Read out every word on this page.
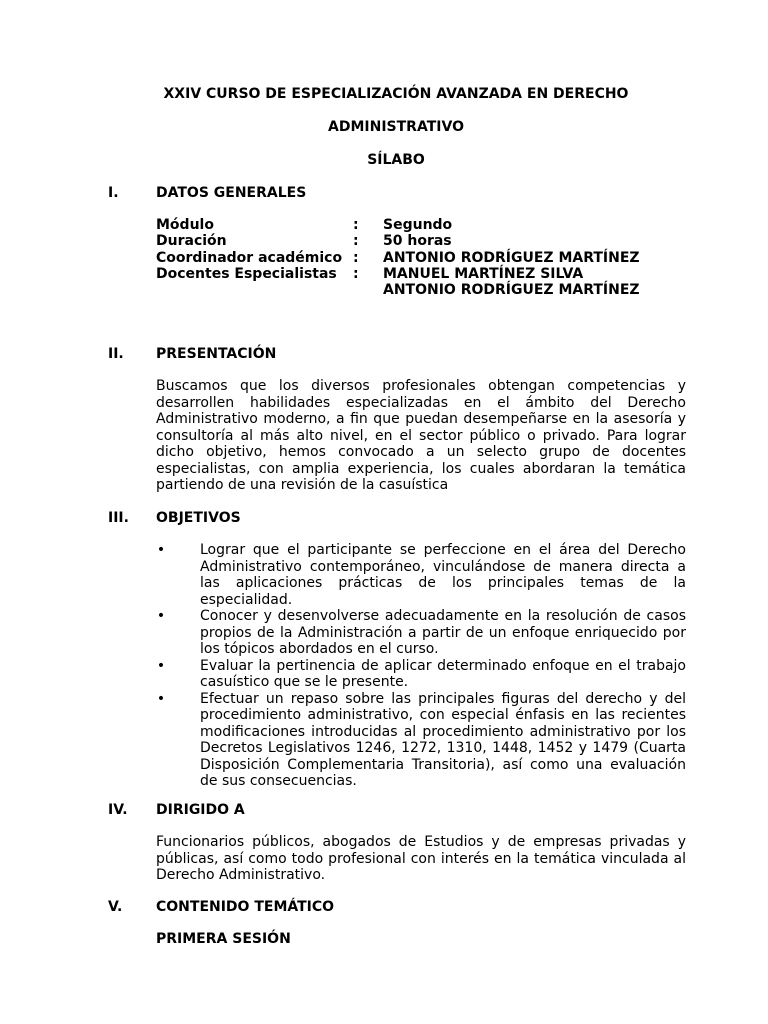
XXIV CURSO DE ESPECIALIZACIÓN AVANZADA EN DERECHO

ADMINISTRATIVO

SÍLABO

I.	DATOS GENERALES

Módulo	:	Segundo
Duración	:	50 horas
Coordinador académico :	ANTONIO RODRÍGUEZ MARTÍNEZ
Docentes Especialistas	:	MANUEL MARTÍNEZ SILVA
ANTONIO RODRÍGUEZ MARTÍNEZ

II. PRESENTACIÓN

Buscamos que los diversos profesionales obtengan competencias y desarrollen habilidades especializadas en el ámbito del Derecho Administrativo moderno, a fin que puedan desempeñarse en la asesoría y consultoría al más alto nivel, en el sector público o privado. Para lograr dicho objetivo, hemos convocado a un selecto grupo de docentes especialistas, con amplia experiencia, los cuales abordaran la temática partiendo de una revisión de la casuística

III. OBJETIVOS

• Lograr que el participante se perfeccione en el área del Derecho Administrativo contemporáneo, vinculándose de manera directa a las aplicaciones prácticas de los principales temas de la especialidad.
• Conocer y desenvolverse adecuadamente en la resolución de casos propios de la Administración a partir de un enfoque enriquecido por los tópicos abordados en el curso.
• Evaluar la pertinencia de aplicar determinado enfoque en el trabajo casuístico que se le presente.
• Efectuar un repaso sobre las principales figuras del derecho y del procedimiento administrativo, con especial énfasis en las recientes modificaciones introducidas al procedimiento administrativo por los Decretos Legislativos 1246, 1272, 1310, 1448, 1452 y 1479 (Cuarta Disposición Complementaria Transitoria), así como una evaluación de sus consecuencias.

IV. DIRIGIDO A

Funcionarios públicos, abogados de Estudios y de empresas privadas y públicas, así como todo profesional con interés en la temática vinculada al Derecho Administrativo.

V. CONTENIDO TEMÁTICO

PRIMERA SESIÓN
